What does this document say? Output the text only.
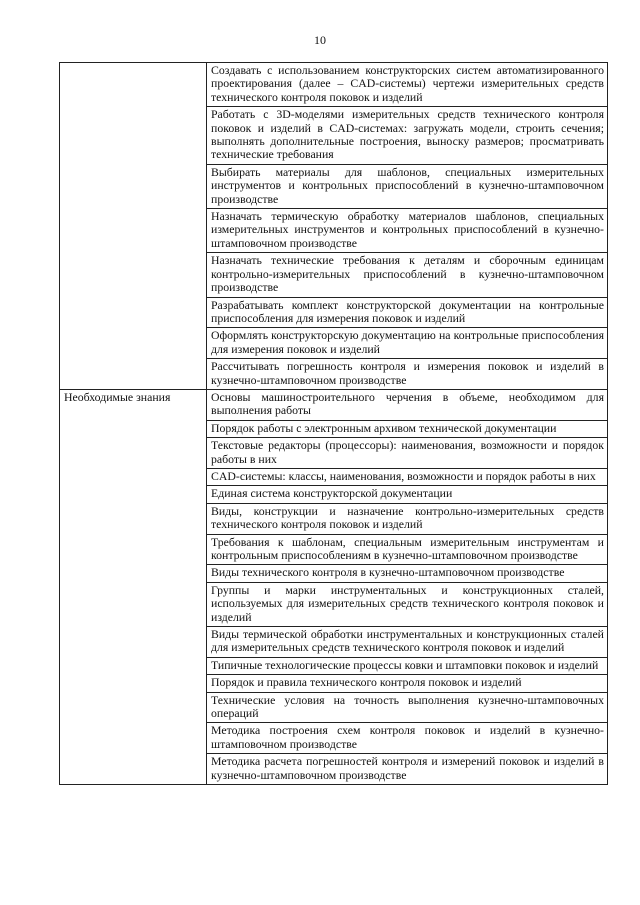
10
	Создавать с использованием конструкторских систем автоматизированного проектирования (далее – CAD-системы) чертежи измерительных средств технического контроля поковок и изделий
	Работать с 3D-моделями измерительных средств технического контроля поковок и изделий в CAD-системах: загружать модели, строить сечения; выполнять дополнительные построения, выноску размеров; просматривать технические требования
	Выбирать материалы для шаблонов, специальных измерительных инструментов и контрольных приспособлений в кузнечно-штамповочном производстве
	Назначать термическую обработку материалов шаблонов, специальных измерительных инструментов и контрольных приспособлений в кузнечно-штамповочном производстве
	Назначать технические требования к деталям и сборочным единицам контрольно-измерительных приспособлений в кузнечно-штамповочном производстве
	Разрабатывать комплект конструкторской документации на контрольные приспособления для измерения поковок и изделий
	Оформлять конструкторскую документацию на контрольные приспособления для измерения поковок и изделий
	Рассчитывать погрешность контроля и измерения поковок и изделий в кузнечно-штамповочном производстве
Необходимые знания	Основы машиностроительного черчения в объеме, необходимом для выполнения работы
	Порядок работы с электронным архивом технической документации
	Текстовые редакторы (процессоры): наименования, возможности и порядок работы в них
	CAD-системы: классы, наименования, возможности и порядок работы в них
	Единая система конструкторской документации
	Виды, конструкции и назначение контрольно-измерительных средств технического контроля поковок и изделий
	Требования к шаблонам, специальным измерительным инструментам и контрольным приспособлениям в кузнечно-штамповочном производстве
	Виды технического контроля в кузнечно-штамповочном производстве
	Группы и марки инструментальных и конструкционных сталей, используемых для измерительных средств технического контроля поковок и изделий
	Виды термической обработки инструментальных и конструкционных сталей для измерительных средств технического контроля поковок и изделий
	Типичные технологические процессы ковки и штамповки поковок и изделий
	Порядок и правила технического контроля поковок и изделий
	Технические условия на точность выполнения кузнечно-штамповочных операций
	Методика построения схем контроля поковок и изделий в кузнечно-штамповочном производстве
	Методика расчета погрешностей контроля и измерений поковок и изделий в кузнечно-штамповочном производстве
